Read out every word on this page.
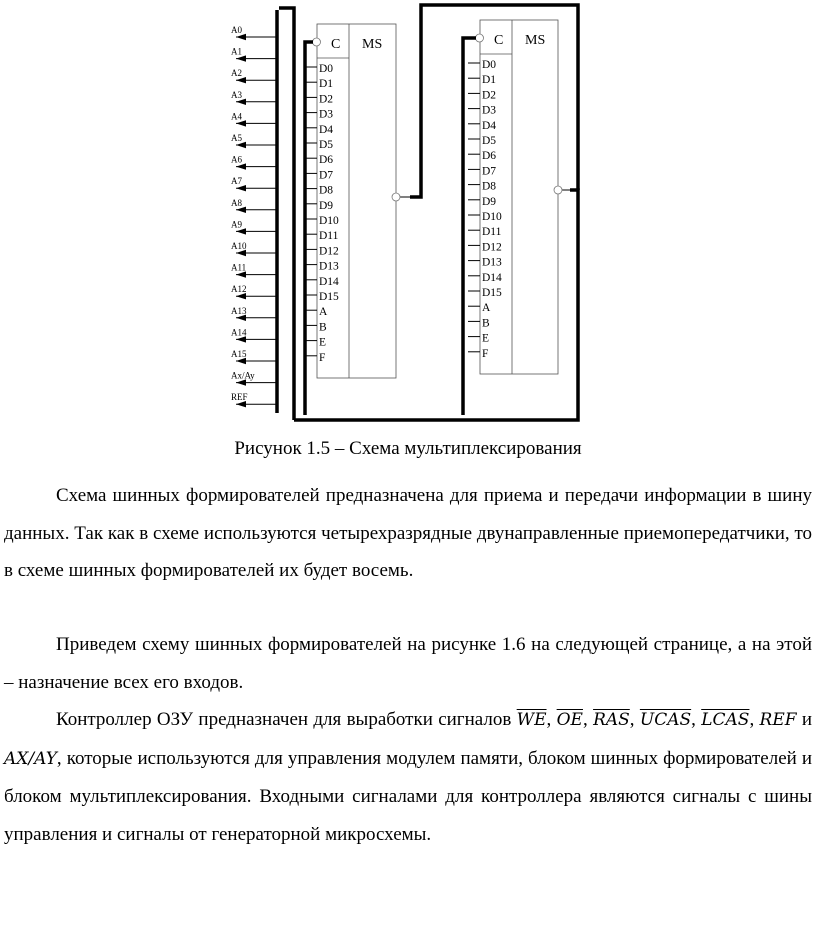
A0
A1
A2
A3
A4
A5
A6
A7
A8
A9
A10
A11
A12
A13
A14
A15
Ax/Ay
REF
C MS
D0
D1
D2
D3
D4
D5
D6
D7
D8
D9
D10
D11
D12
D13
D14
D15
A
B
E
F
C MS
D0
D1
D2
D3
D4
D5
D6
D7
D8
D9
D10
D11
D12
D13
D14
D15
A
B
E
F
Рисунок 1.5 – Схема мультиплексирования

Схема шинных формирователей предназначена для приема и передачи информации в шину данных. Так как в схеме используются четырехразрядные двунаправленные приемопередатчики, то в схеме шинных формирователей их будет восемь.

Приведем схему шинных формирователей на рисунке 1.6 на следующей странице, а на этой – назначение всех его входов.

Контроллер ОЗУ предназначен для выработки сигналов $\overline{WE}$, $\overline{OE}$, $\overline{RAS}$, UCAS, LCAS, REF и AX/AY, которые используются для управления модулем памяти, блоком шинных формирователей и блоком мультиплексирования. Входными сигналами для контроллера являются сигналы с шины управления и сигналы от генераторной микросхемы.
